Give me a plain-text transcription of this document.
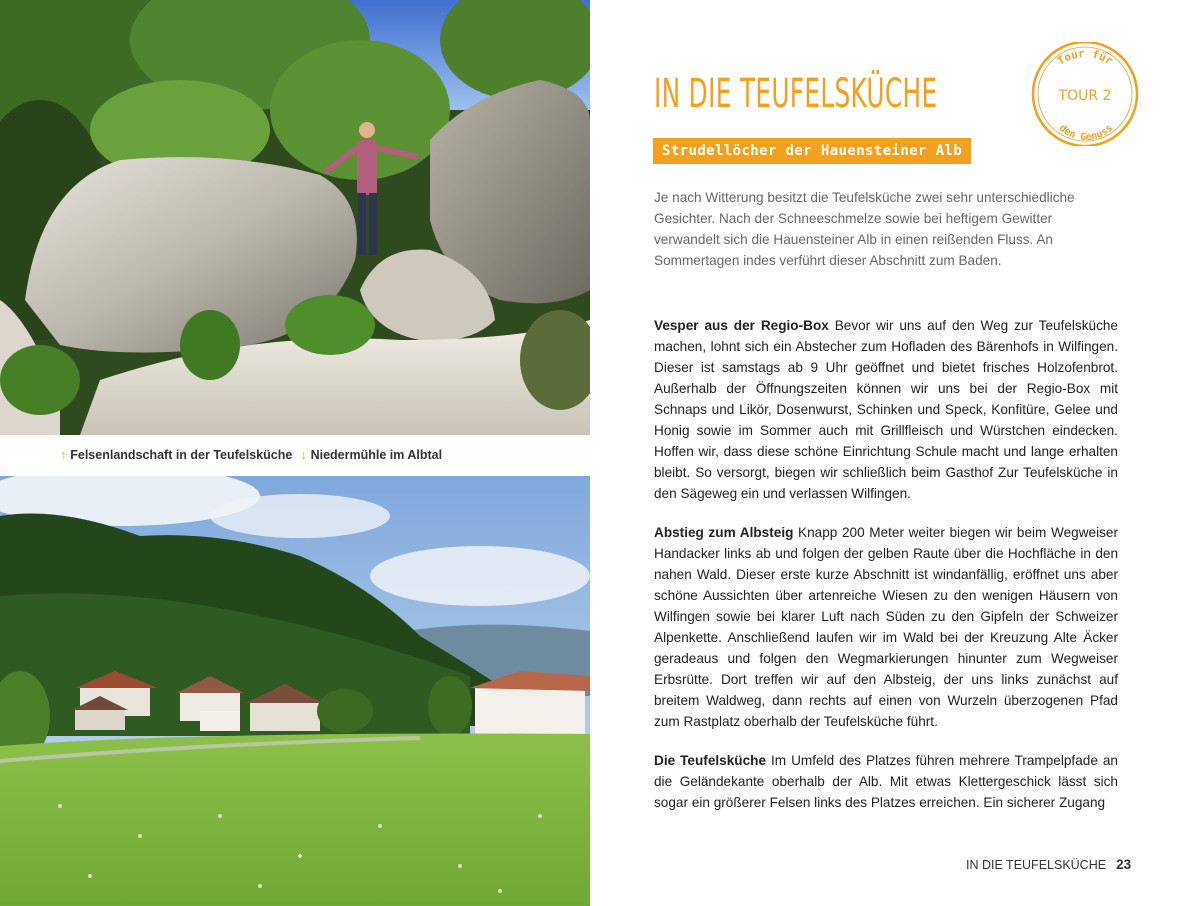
↑ Felsenlandschaft in der Teufelsküche ↓ Niedermühle im Albtal
IN DIE TEUFELSKÜCHE
Tour für
TOUR 2
den Genuss
Strudellöcher der Hauensteiner Alb

Je nach Witterung besitzt die Teufelsküche zwei sehr unterschiedliche Gesichter. Nach der Schneeschmelze sowie bei heftigem Gewitter verwandelt sich die Hauensteiner Alb in einen reißenden Fluss. An Sommertagen indes verführt dieser Abschnitt zum Baden.

Vesper aus der Regio-Box Bevor wir uns auf den Weg zur Teufelsküche machen, lohnt sich ein Abstecher zum Hofladen des Bärenhofs in Wilfingen. Dieser ist samstags ab 9 Uhr geöffnet und bietet frisches Holzofenbrot. Außerhalb der Öffnungszeiten können wir uns bei der Regio-Box mit Schnaps und Likör, Dosenwurst, Schinken und Speck, Konfitüre, Gelee und Honig sowie im Sommer auch mit Grillfleisch und Würstchen eindecken. Hoffen wir, dass diese schöne Einrichtung Schule macht und lange erhalten bleibt. So versorgt, biegen wir schließlich beim Gasthof Zur Teufelsküche in den Sägeweg ein und verlassen Wilfingen.

Abstieg zum Albsteig Knapp 200 Meter weiter biegen wir beim Wegweiser Handacker links ab und folgen der gelben Raute über die Hochfläche in den nahen Wald. Dieser erste kurze Abschnitt ist windanfällig, eröffnet uns aber schöne Aussichten über artenreiche Wiesen zu den wenigen Häusern von Wilfingen sowie bei klarer Luft nach Süden zu den Gipfeln der Schweizer Alpenkette. Anschließend laufen wir im Wald bei der Kreuzung Alte Äcker geradeaus und folgen den Wegmarkierungen hinunter zum Wegweiser Erbsrütte. Dort treffen wir auf den Albsteig, der uns links zunächst auf breitem Waldweg, dann rechts auf einen von Wurzeln überzogenen Pfad zum Rastplatz oberhalb der Teufelsküche führt.

Die Teufelsküche Im Umfeld des Platzes führen mehrere Trampelpfade an die Geländekante oberhalb der Alb. Mit etwas Klettergeschick lässt sich sogar ein größerer Felsen links des Platzes erreichen. Ein sicherer Zugang

IN DIE TEUFELSKÜCHE 23
